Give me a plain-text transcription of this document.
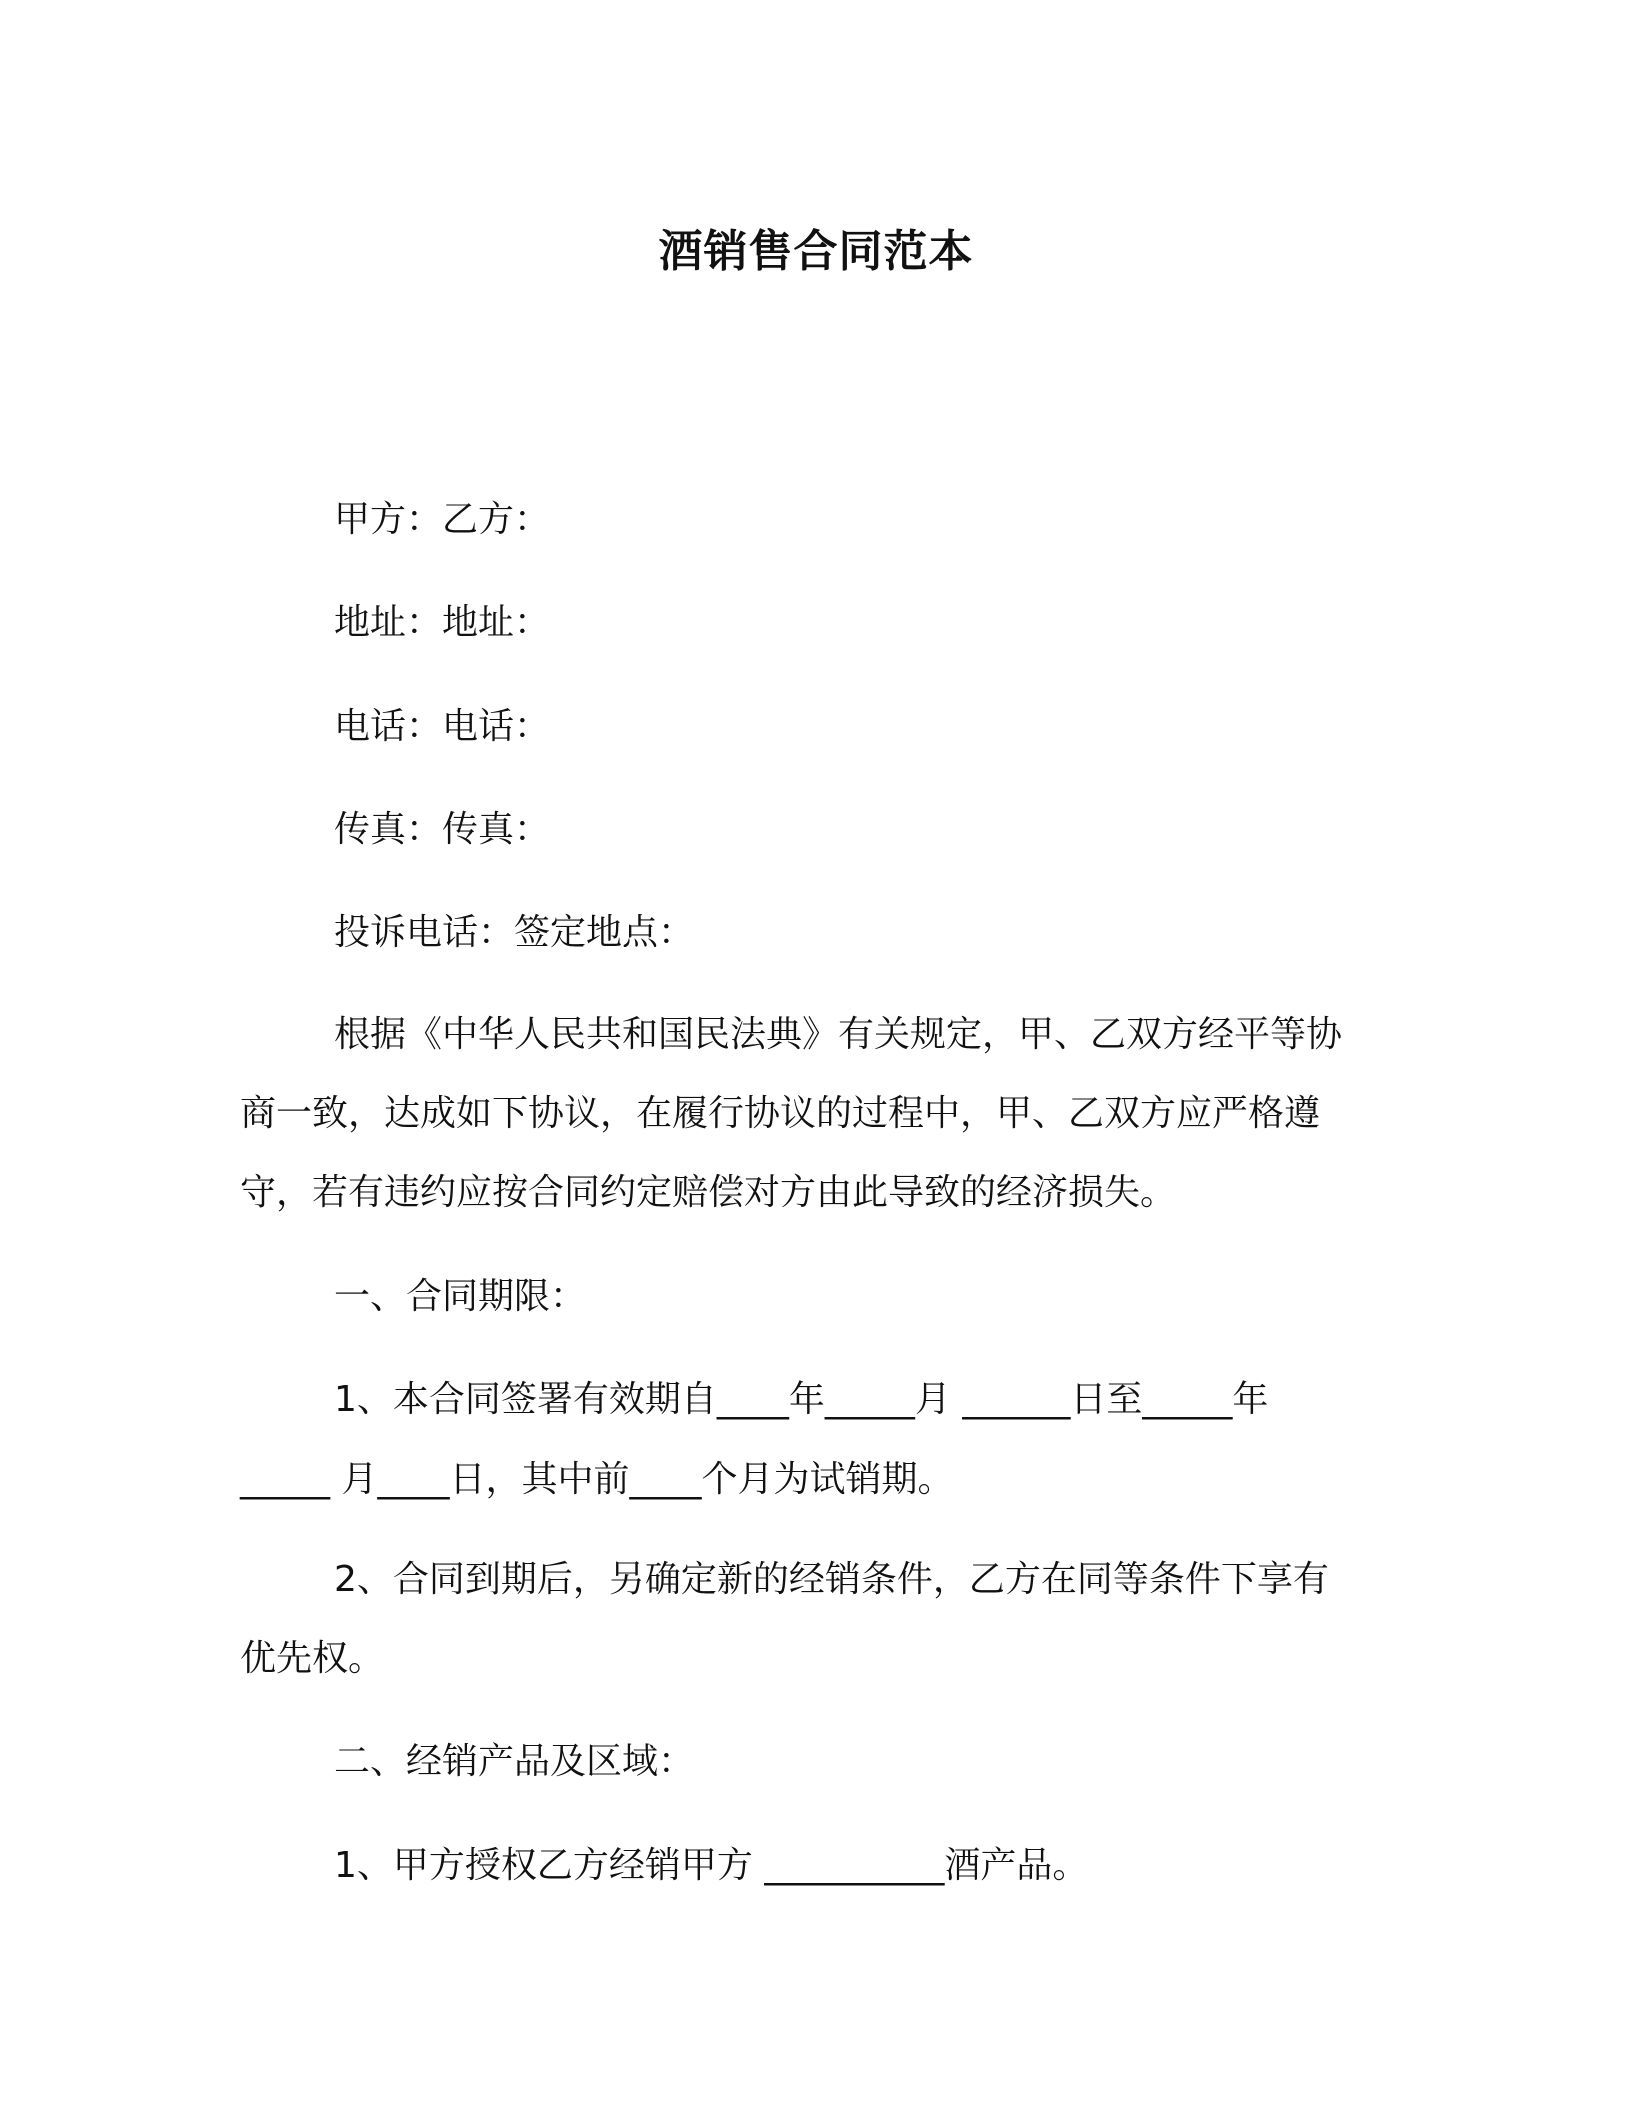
酒销售合同范本
甲方：乙方：
地址：地址：
电话：电话：
传真：传真：
投诉电话：签定地点：
根据《中华人民共和国民法典》有关规定，甲、乙双方经平等协
商一致，达成如下协议，在履行协议的过程中，甲、乙双方应严格遵
守，若有违约应按合同约定赔偿对方由此导致的经济损失。
一、合同期限：
1、本合同签署有效期自____年_____月 ______日至_____年
_____ 月____日，其中前____个月为试销期。
2、合同到期后，另确定新的经销条件，乙方在同等条件下享有
优先权。
二、经销产品及区域：
1、甲方授权乙方经销甲方 __________酒产品。
